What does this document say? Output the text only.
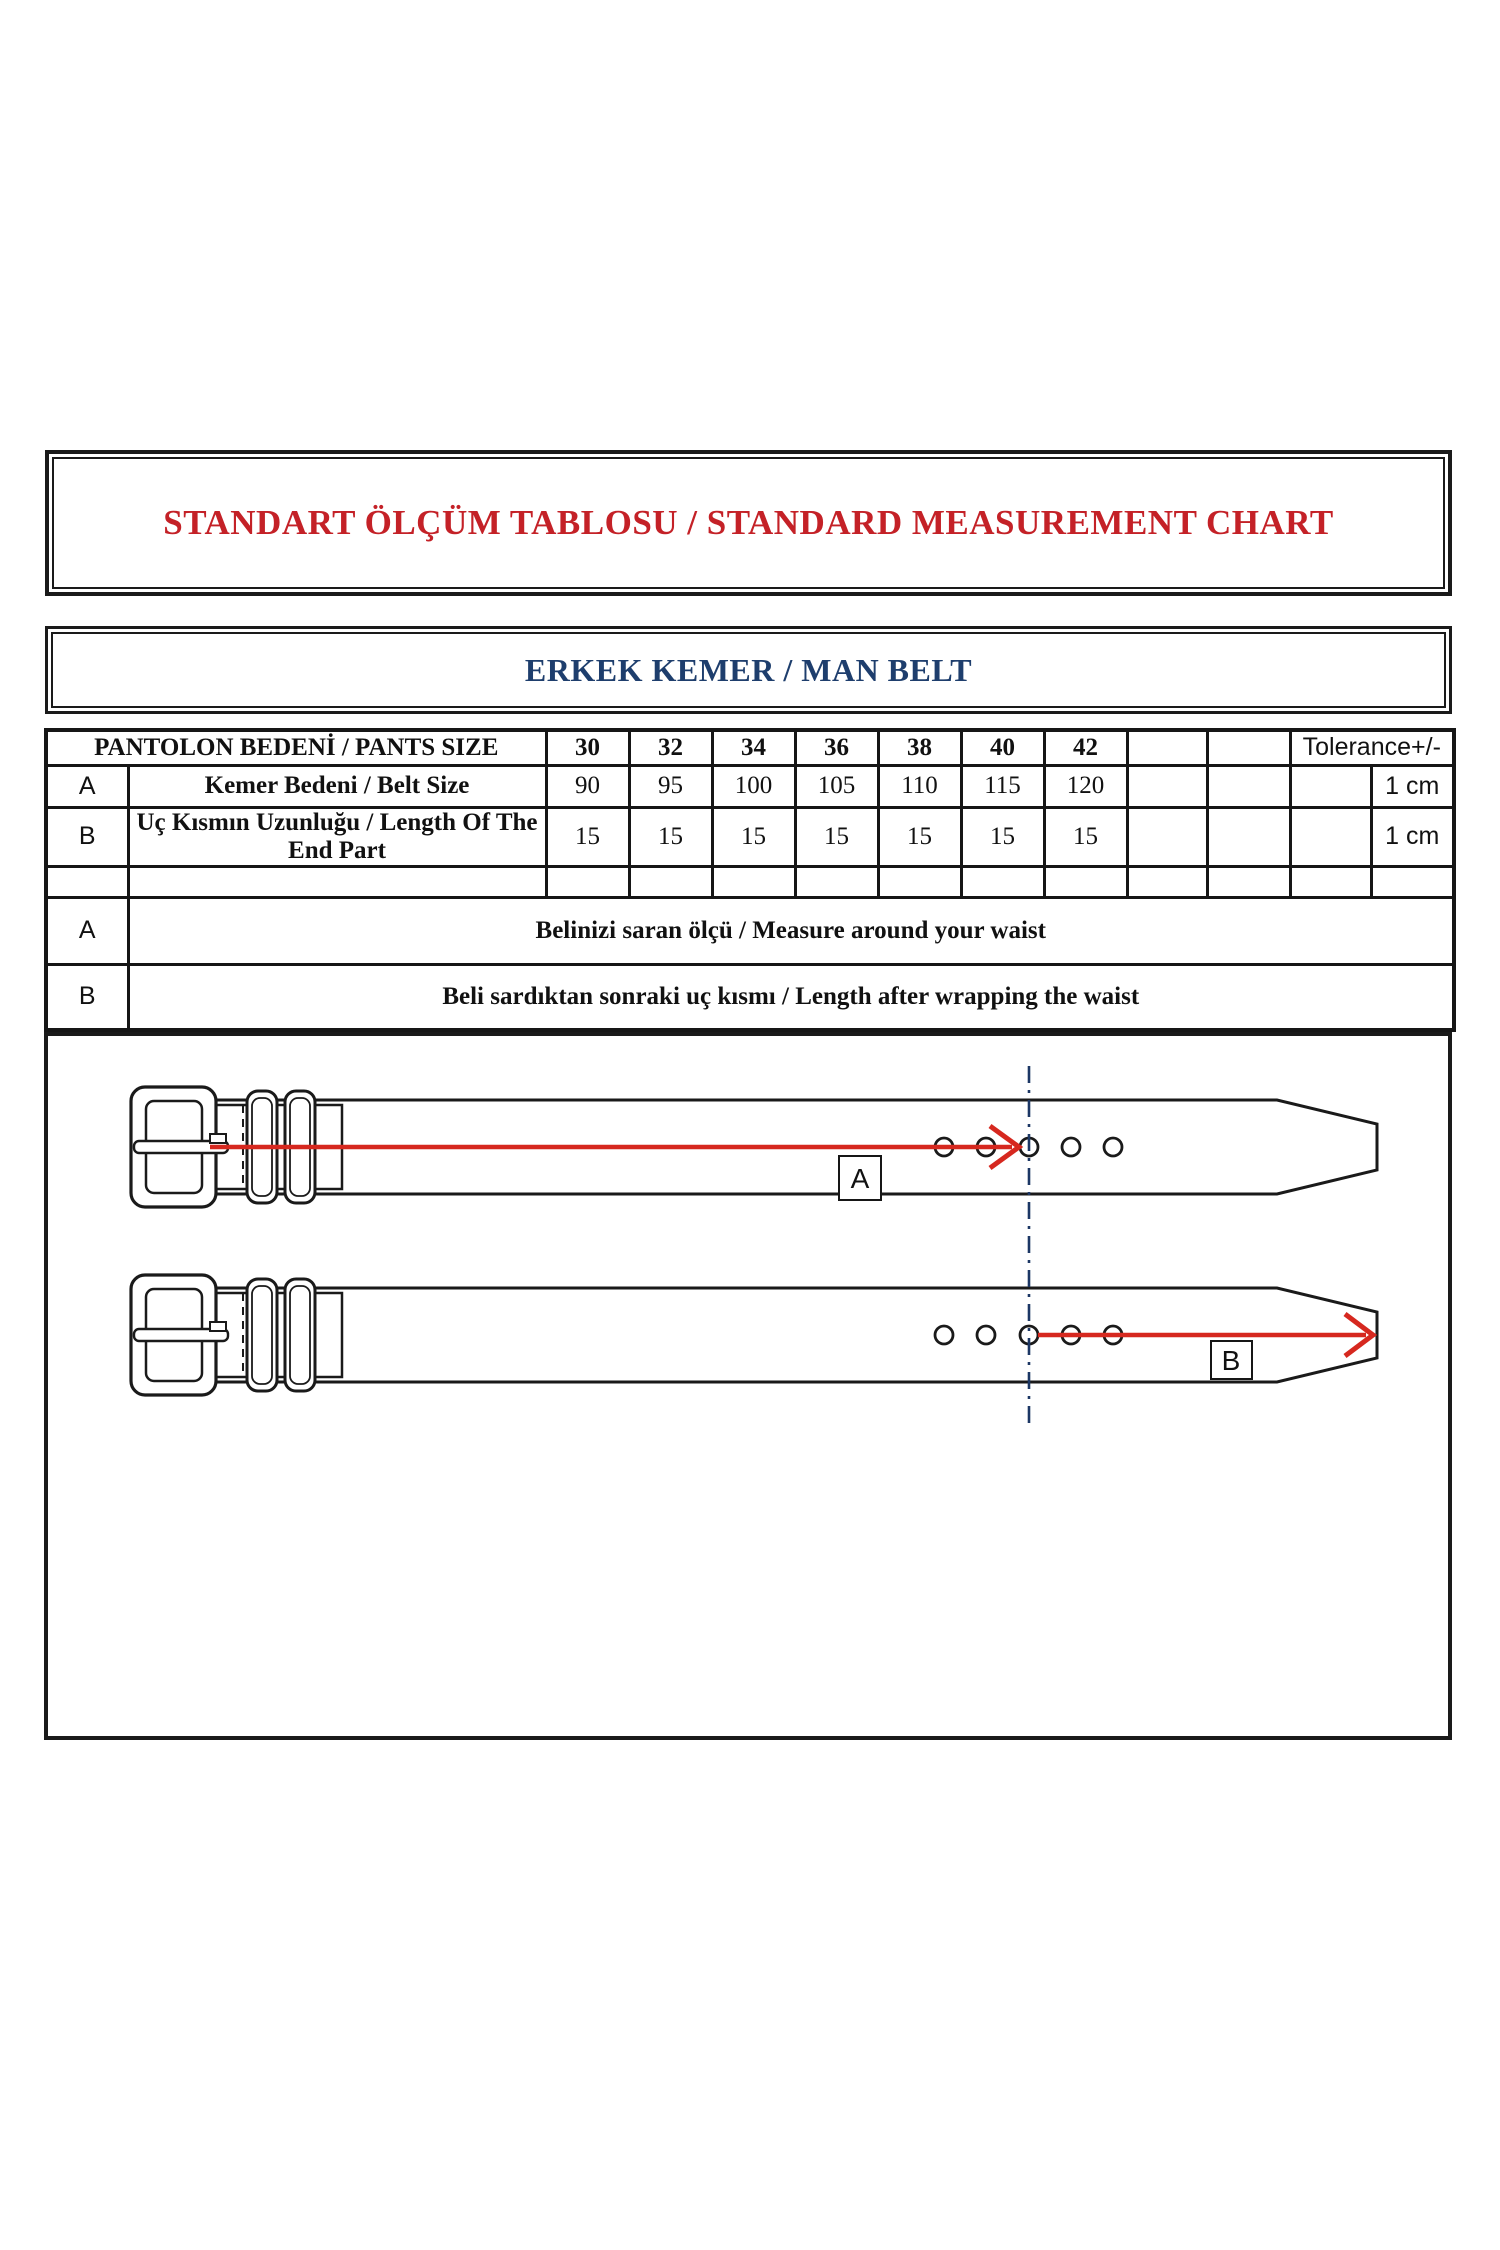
STANDART ÖLÇÜM TABLOSU / STANDARD MEASUREMENT CHART
ERKEK KEMER / MAN BELT
PANTOLON BEDENİ / PANTS SIZE		30	32	34	36	38	40	42			Tolerance+/-	
A	Kemer Bedeni / Belt Size	90	95	100	105	110	115	120				1 cm
B	Uç Kısmın Uzunluğu / Length Of The End Part	15	15	15	15	15	15	15				1 cm

A	Belinizi saran ölçü / Measure around your waist											
B	Beli sardıktan sonraki uç kısmı / Length after wrapping the waist											
A
B
